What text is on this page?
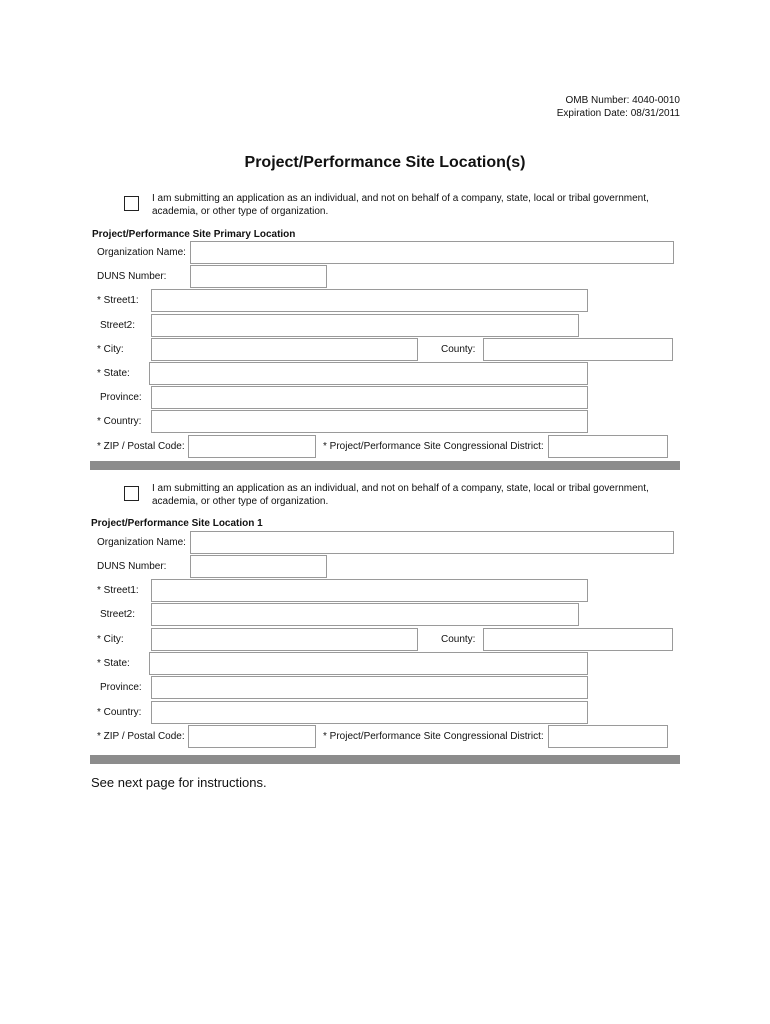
OMB Number: 4040-0010
Expiration Date: 08/31/2011
Project/Performance Site Location(s)
I am submitting an application as an individual, and not on behalf of a company, state, local or tribal government, academia, or other type of organization.
Project/Performance Site Primary Location
Organization Name:
DUNS Number:
* Street1:
Street2:
* City:	County:
* State:
Province:
* Country:
* ZIP / Postal Code:	* Project/Performance Site Congressional District:
I am submitting an application as an individual, and not on behalf of a company, state, local or tribal government, academia, or other type of organization.
Project/Performance Site Location 1
Organization Name:
DUNS Number:
* Street1:
Street2:
* City:	County:
* State:
Province:
* Country:
* ZIP / Postal Code:	* Project/Performance Site Congressional District:
See next page for instructions.
